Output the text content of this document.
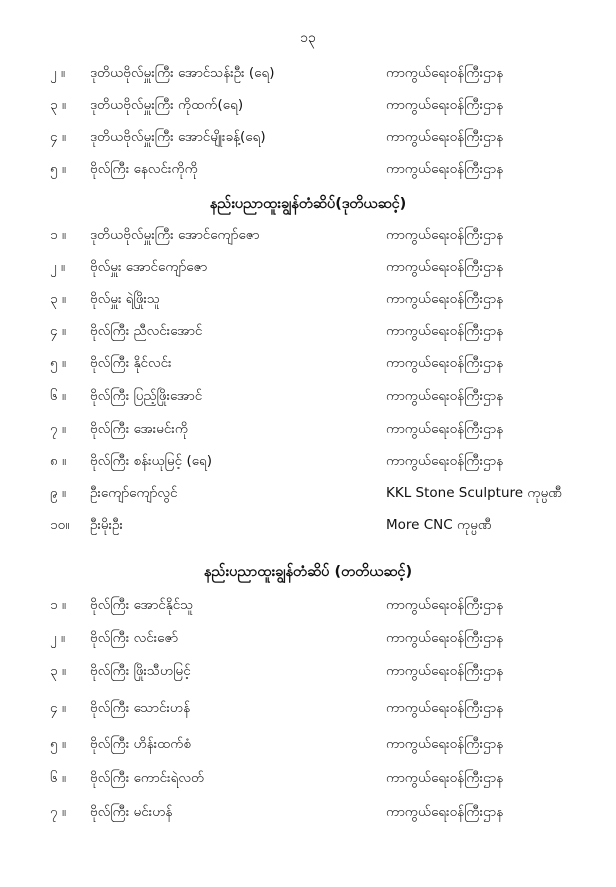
၁၃
၂ ။ ဒုတိယဗိုလ်မှူးကြီး အောင်သန်းဦး (ရေ)	ကာကွယ်ရေးဝန်ကြီးဌာန
၃ ။ ဒုတိယဗိုလ်မှူးကြီး ကိုထက်(ရေ)	ကာကွယ်ရေးဝန်ကြီးဌာန
၄ ။ ဒုတိယဗိုလ်မှူးကြီး အောင်မျိုးခန့်(ရေ)	ကာကွယ်ရေးဝန်ကြီးဌာန
၅ ။ ဗိုလ်ကြီး နေလင်းကိုကို	ကာကွယ်ရေးဝန်ကြီးဌာန
နည်းပညာထူးချွန်တံဆိပ်(ဒုတိယဆင့်)
၁ ။ ဒုတိယဗိုလ်မှူးကြီး အောင်ကျော်ဇော	ကာကွယ်ရေးဝန်ကြီးဌာန
၂ ။ ဗိုလ်မှူး အောင်ကျော်ဇော	ကာကွယ်ရေးဝန်ကြီးဌာန
၃ ။ ဗိုလ်မှူး ရဲဖြိုးသူ	ကာကွယ်ရေးဝန်ကြီးဌာန
၄ ။ ဗိုလ်ကြီး ညီလင်းအောင်	ကာကွယ်ရေးဝန်ကြီးဌာန
၅ ။ ဗိုလ်ကြီး နိုင်လင်း	ကာကွယ်ရေးဝန်ကြီးဌာန
၆ ။ ဗိုလ်ကြီး ပြည့်ဖြိုးအောင်	ကာကွယ်ရေးဝန်ကြီးဌာန
၇ ။ ဗိုလ်ကြီး အေးမင်းကို	ကာကွယ်ရေးဝန်ကြီးဌာန
၈ ။ ဗိုလ်ကြီး စန်းယုမြင့် (ရေ)	ကာကွယ်ရေးဝန်ကြီးဌာန
၉ ။ ဦးကျော်ကျော်လွင်	KKL Stone Sculpture ကုမ္ပဏီ
၁၀။ ဦးမိုးဦး	More CNC ကုမ္ပဏီ
နည်းပညာထူးချွန်တံဆိပ် (တတိယဆင့်)
၁ ။ ဗိုလ်ကြီး အောင်နိုင်သူ	ကာကွယ်ရေးဝန်ကြီးဌာန
၂ ။ ဗိုလ်ကြီး လင်းဇော်	ကာကွယ်ရေးဝန်ကြီးဌာန
၃ ။ ဗိုလ်ကြီး ဖြိုးသီဟမြင့်	ကာကွယ်ရေးဝန်ကြီးဌာန
၄ ။ ဗိုလ်ကြီး သောင်းဟန်	ကာကွယ်ရေးဝန်ကြီးဌာန
၅ ။ ဗိုလ်ကြီး ဟိန်းထက်စံ	ကာကွယ်ရေးဝန်ကြီးဌာန
၆ ။ ဗိုလ်ကြီး ကောင်းရဲလတ်	ကာကွယ်ရေးဝန်ကြီးဌာန
၇ ။ ဗိုလ်ကြီး မင်းဟန်	ကာကွယ်ရေးဝန်ကြီးဌာန
